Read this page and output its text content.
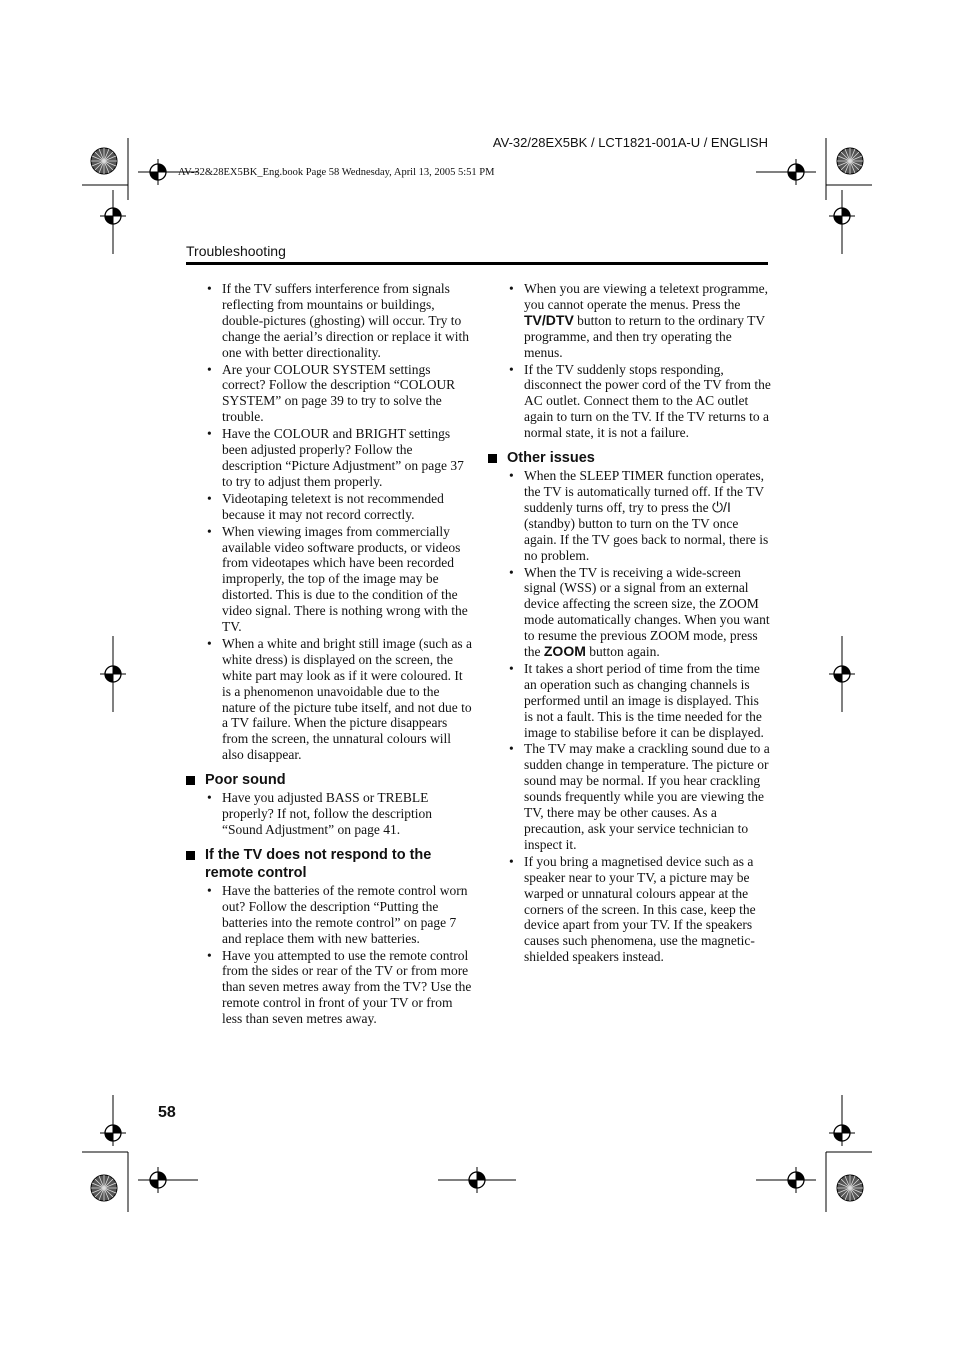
AV-32/28EX5BK / LCT1821-001A-U / ENGLISH
AV-32&28EX5BK_Eng.book Page 58 Wednesday, April 13, 2005 5:51 PM
Troubleshooting
• If the TV suffers interference from signals reflecting from mountains or buildings, double-pictures (ghosting) will occur. Try to change the aerial’s direction or replace it with one with better directionality.
• Are your COLOUR SYSTEM settings correct? Follow the description “COLOUR SYSTEM” on page 39 to try to solve the trouble.
• Have the COLOUR and BRIGHT settings been adjusted properly? Follow the description “Picture Adjustment” on page 37 to try to adjust them properly.
• Videotaping teletext is not recommended because it may not record correctly.
• When viewing images from commercially available video software products, or videos from videotapes which have been recorded improperly, the top of the image may be distorted. This is due to the condition of the video signal. There is nothing wrong with the TV.
• When a white and bright still image (such as a white dress) is displayed on the screen, the white part may look as if it were coloured. It is a phenomenon unavoidable due to the nature of the picture tube itself, and not due to a TV failure. When the picture disappears from the screen, the unnatural colours will also disappear.
Poor sound
• Have you adjusted BASS or TREBLE properly? If not, follow the description “Sound Adjustment” on page 41.
If the TV does not respond to the remote control
• Have the batteries of the remote control worn out? Follow the description “Putting the batteries into the remote control” on page 7 and replace them with new batteries.
• Have you attempted to use the remote control from the sides or rear of the TV or from more than seven metres away from the TV? Use the remote control in front of your TV or from less than seven metres away.
• When you are viewing a teletext programme, you cannot operate the menus. Press the TV/DTV button to return to the ordinary TV programme, and then try operating the menus.
• If the TV suddenly stops responding, disconnect the power cord of the TV from the AC outlet. Connect them to the AC outlet again to turn on the TV. If the TV returns to a normal state, it is not a failure.
Other issues
• When the SLEEP TIMER function operates, the TV is automatically turned off. If the TV suddenly turns off, try to press the ⏻/I (standby) button to turn on the TV once again. If the TV goes back to normal, there is no problem.
• When the TV is receiving a wide-screen signal (WSS) or a signal from an external device affecting the screen size, the ZOOM mode automatically changes. When you want to resume the previous ZOOM mode, press the ZOOM button again.
• It takes a short period of time from the time an operation such as changing channels is performed until an image is displayed. This is not a fault. This is the time needed for the image to stabilise before it can be displayed.
• The TV may make a crackling sound due to a sudden change in temperature. The picture or sound may be normal. If you hear crackling sounds frequently while you are viewing the TV, there may be other causes. As a precaution, ask your service technician to inspect it.
• If you bring a magnetised device such as a speaker near to your TV, a picture may be warped or unnatural colours appear at the corners of the screen. In this case, keep the device apart from your TV. If the speakers causes such phenomena, use the magnetic-shielded speakers instead.
58
